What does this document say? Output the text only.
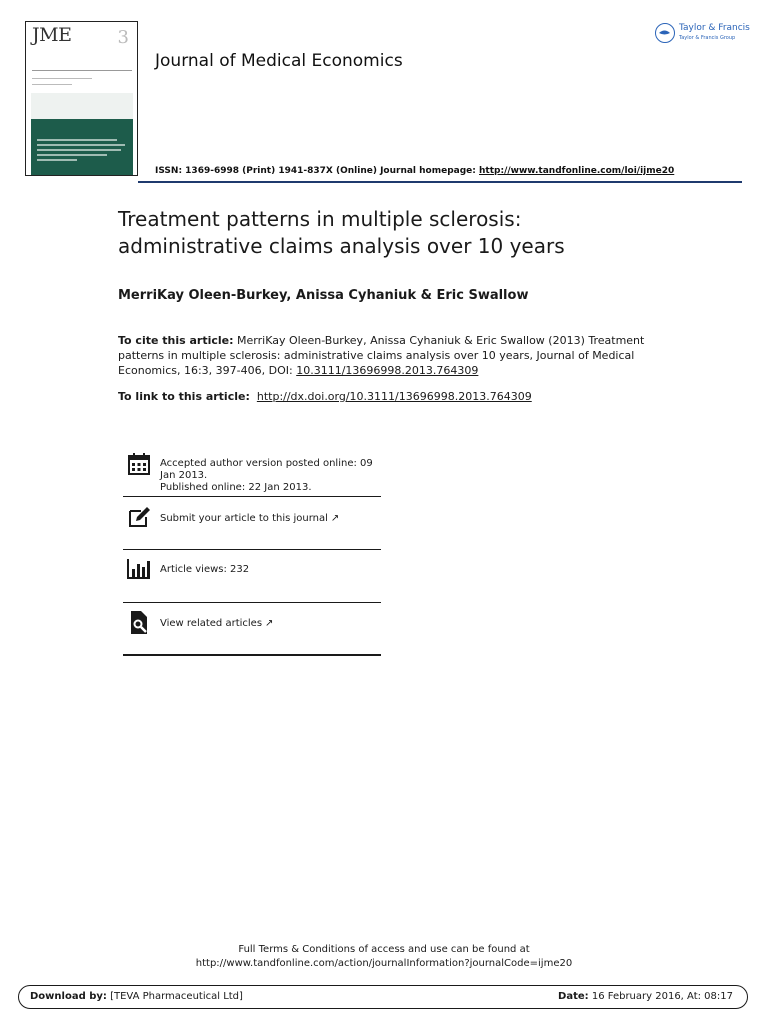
JME	3
Journal of Medical Economics
Taylor & Francis
Taylor & Francis Group
ISSN: 1369-6998 (Print) 1941-837X (Online) Journal homepage: http://www.tandfonline.com/loi/ijme20
Treatment patterns in multiple sclerosis:
administrative claims analysis over 10 years
MerriKay Oleen-Burkey, Anissa Cyhaniuk & Eric Swallow
To cite this article: MerriKay Oleen-Burkey, Anissa Cyhaniuk & Eric Swallow (2013) Treatment patterns in multiple sclerosis: administrative claims analysis over 10 years, Journal of Medical Economics, 16:3, 397-406, DOI: 10.3111/13696998.2013.764309
To link to this article: http://dx.doi.org/10.3111/13696998.2013.764309
Accepted author version posted online: 09 Jan 2013.
Published online: 22 Jan 2013.
Submit your article to this journal ↗
Article views: 232
View related articles ↗
Full Terms & Conditions of access and use can be found at
http://www.tandfonline.com/action/journalInformation?journalCode=ijme20
Download by: [TEVA Pharmaceutical Ltd]	Date: 16 February 2016, At: 08:17
